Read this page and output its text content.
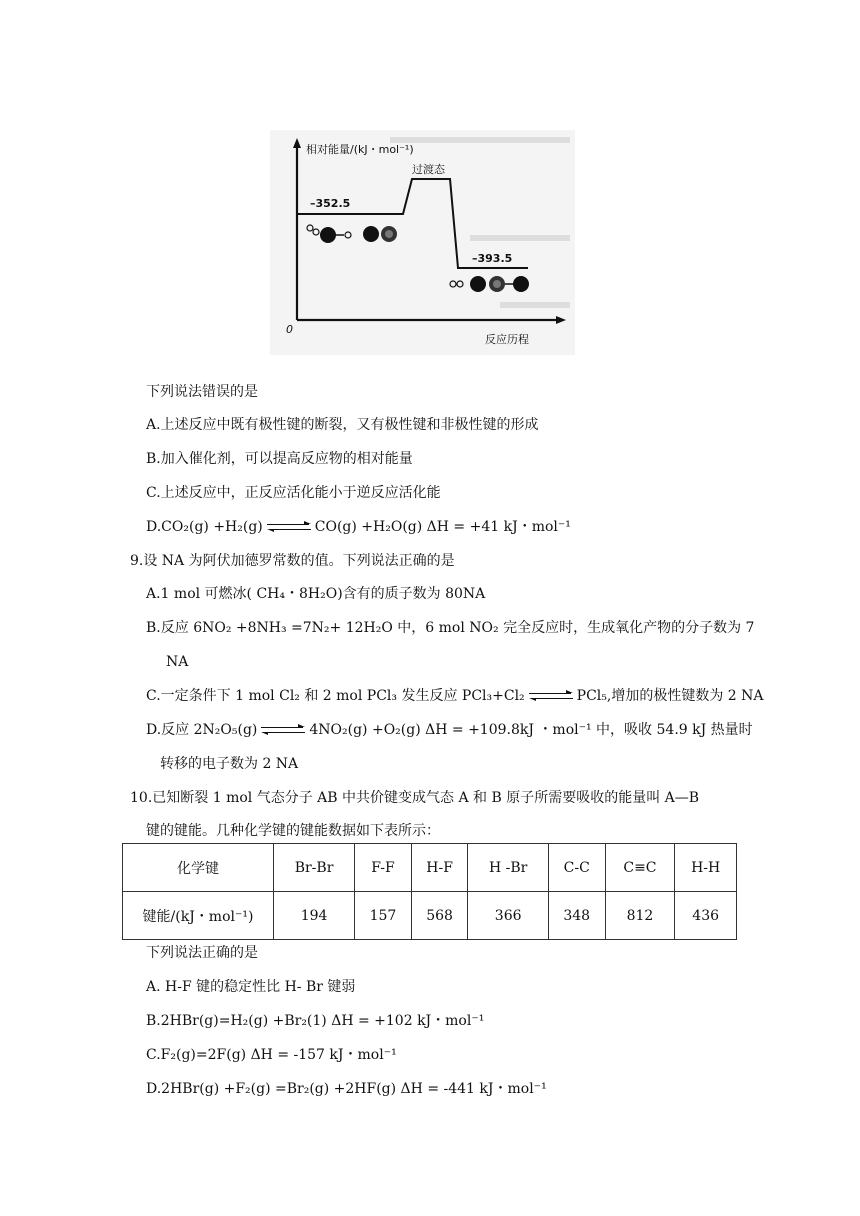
相对能量/(kJ・mol⁻¹)
过渡态
–352.5
–393.5
0
反应历程
下列说法错误的是
A.上述反应中既有极性键的断裂，又有极性键和非极性键的形成
B.加入催化剂，可以提高反应物的相对能量
C.上述反应中，正反应活化能小于逆反应活化能
D.CO₂(g) +H₂(g)	CO(g) +H₂O(g) ΔH = +41 kJ・mol⁻¹
9.设 NA 为阿伏加德罗常数的值。下列说法正确的是
A.1 mol 可燃冰( CH₄・8H₂O)含有的质子数为 80NA
B.反应 6NO₂ +8NH₃ =7N₂+ 12H₂O 中，6 mol NO₂ 完全反应时，生成氧化产物的分子数为 7
NA
C.一定条件下 1 mol Cl₂ 和 2 mol PCl₃ 发生反应 PCl₃+Cl₂	PCl₅,增加的极性键数为 2 NA
D.反应 2N₂O₅(g)	4NO₂(g) +O₂(g) ΔH = +109.8kJ ・mol⁻¹ 中，吸收 54.9 kJ 热量时
转移的电子数为 2 NA
10.已知断裂 1 mol 气态分子 AB 中共价键变成气态 A 和 B 原子所需要吸收的能量叫 A—B
键的键能。几种化学键的键能数据如下表所示：
化学键	Br-Br	F-F	H-F	H -Br	C-C	C≡C	H-H
键能/(kJ・mol⁻¹)	194	157	568	366	348	812	436
下列说法正确的是
A. H-F 键的稳定性比 H- Br 键弱
B.2HBr(g)=H₂(g) +Br₂(1) ΔH = +102 kJ・mol⁻¹
C.F₂(g)=2F(g) ΔH = -157 kJ・mol⁻¹
D.2HBr(g) +F₂(g) =Br₂(g) +2HF(g) ΔH = -441 kJ・mol⁻¹
